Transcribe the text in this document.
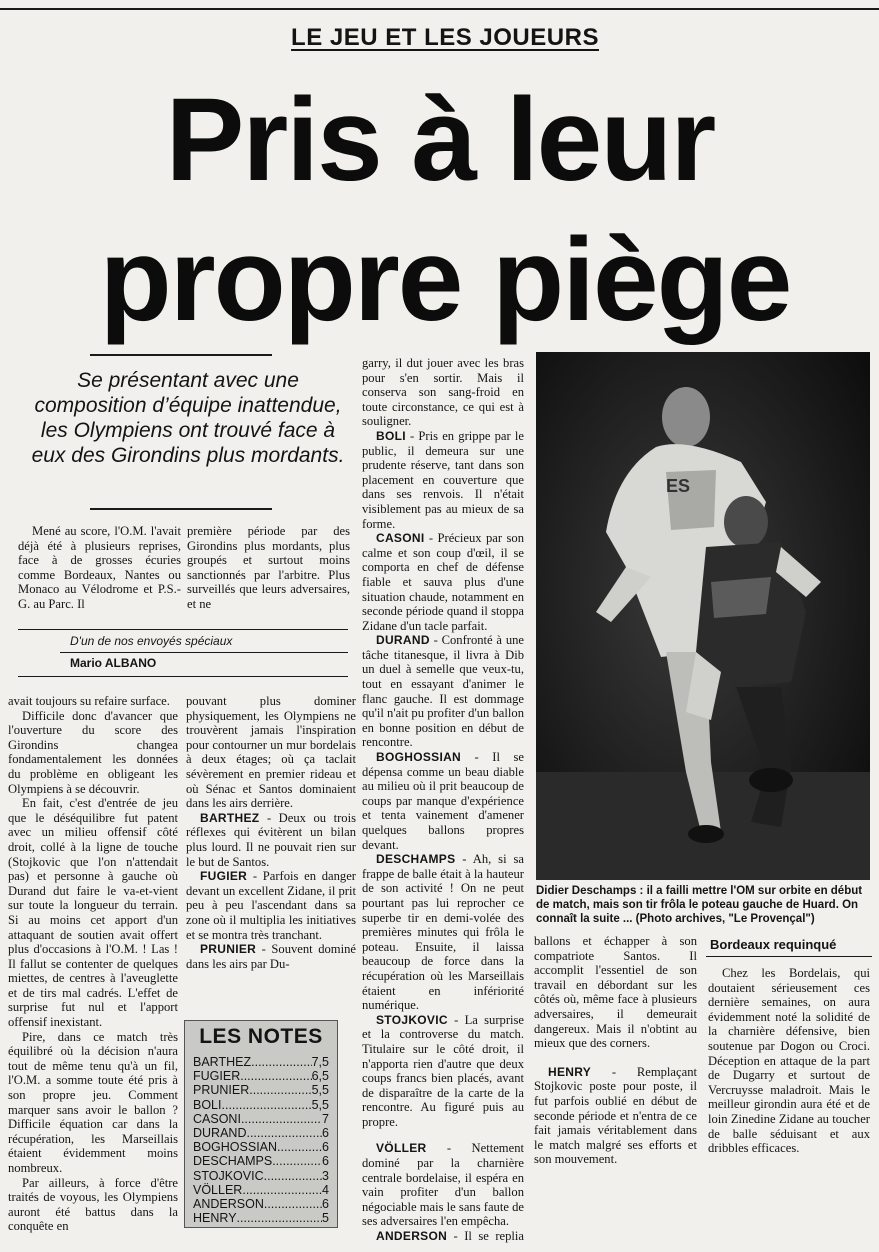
LE JEU ET LES JOUEURS
Pris à leur
propre piège
Se présentant avec une composition d’équipe inattendue, les Olympiens ont trouvé face à eux des Girondins plus mordants.

Mené au score, l'O.M. l'avait déjà été à plusieurs reprises, face à de grosses écuries comme Bordeaux, Nantes ou Monaco au Vélodrome et P.S.-G. au Parc. Il

première période par des Girondins plus mordants, plus groupés et surtout moins sanctionnés par l'arbitre. Plus surveillés que leurs adversaires, et ne

D'un de nos envoyés spéciaux
Mario ALBANO

avait toujours su refaire surface.

Difficile donc d'avancer que l'ouverture du score des Girondins changea fondamentalement les données du problème en obligeant les Olympiens à se découvrir.

En fait, c'est d'entrée de jeu que le déséquilibre fut patent avec un milieu offensif côté droit, collé à la ligne de touche (Stojkovic que l'on n'attendait pas) et personne à gauche où Durand dut faire le va-et-vient sur toute la longueur du terrain. Si au moins cet apport d'un attaquant de soutien avait offert plus d'occasions à l'O.M. ! Las ! Il fallut se contenter de quelques miettes, de centres à l'aveuglette et de tirs mal cadrés. L'effet de surprise fut nul et l'apport offensif inexistant.

Pire, dans ce match très équilibré où la décision n'aura tout de même tenu qu'à un fil, l'O.M. a somme toute été pris à son propre jeu. Comment marquer sans avoir le ballon ? Difficile équation car dans la récupération, les Marseillais étaient évidemment moins nombreux.

Par ailleurs, à force d'être traités de voyous, les Olympiens auront été battus dans la conquête en

pouvant plus dominer physiquement, les Olympiens ne trouvèrent jamais l'inspiration pour contourner un mur bordelais à deux étages; où ça taclait sévèrement en premier rideau et où Sénac et Santos dominaient dans les airs derrière.

BARTHEZ - Deux ou trois réflexes qui évitèrent un bilan plus lourd. Il ne pouvait rien sur le but de Santos.

FUGIER - Parfois en danger devant un excellent Zidane, il prit peu à peu l'ascendant dans sa zone où il multiplia les initiatives et se montra très tranchant.

PRUNIER - Souvent dominé dans les airs par Du-

LES NOTES
BARTHEZ .....	7,5
FUGIER .....	6,5
PRUNIER .....	5,5
BOLI .....	5,5
CASONI .....	7
DURAND .....	6
BOGHOSSIAN .....	6
DESCHAMPS .....	6
STOJKOVIC .....	3
VÖLLER .....	4
ANDERSON .....	6
HENRY .....	5

garry, il dut jouer avec les bras pour s'en sortir. Mais il conserva son sang-froid en toute circonstance, ce qui est à souligner.

BOLI - Pris en grippe par le public, il demeura sur une prudente réserve, tant dans son placement en couverture que dans ses renvois. Il n'était visiblement pas au mieux de sa forme.

CASONI - Précieux par son calme et son coup d'œil, il se comporta en chef de défense fiable et sauva plus d'une situation chaude, notamment en seconde période quand il stoppa Zidane d'un tacle parfait.

DURAND - Confronté à une tâche titanesque, il livra à Dib un duel à semelle que veux-tu, tout en essayant d'animer le flanc gauche. Il est dommage qu'il n'ait pu profiter d'un ballon en bonne position en début de rencontre.

BOGHOSSIAN - Il se dépensa comme un beau diable au milieu où il prit beaucoup de coups par manque d'expérience et tenta vainement d'amener quelques ballons propres devant.

DESCHAMPS - Ah, si sa frappe de balle était à la hauteur de son activité ! On ne peut pourtant pas lui reprocher ce superbe tir en demi-volée des premières minutes qui frôla le poteau. Ensuite, il laissa beaucoup de force dans la récupération où les Marseillais étaient en infériorité numérique.

STOJKOVIC - La surprise et la controverse du match. Titulaire sur le côté droit, il n'apporta rien d'autre que deux coups francs bien placés, avant de disparaître de la carte de la rencontre. Au figuré puis au propre.

VÖLLER - Nettement dominé par la charnière centrale bordelaise, il espéra en vain profiter d'un ballon négociable mais le sans faute de ses adversaires l'en empêcha.

ANDERSON - Il se replia

ES
Didier Deschamps : il a failli mettre l'OM sur orbite en début de match, mais son tir frôla le poteau gauche de Huard. On connaît la suite ... (Photo archives, "Le Provençal")

ballons et échapper à son compatriote Santos. Il accomplit l'essentiel de son travail en débordant sur les côtés où, même face à plusieurs adversaires, il demeurait dangereux. Mais il n'obtint au mieux que des corners.

HENRY - Remplaçant Stojkovic poste pour poste, il fut parfois oublié en début de seconde période et n'entra de ce fait jamais véritablement dans le match malgré ses efforts et son mouvement.

Bordeaux requinqué

Chez les Bordelais, qui doutaient sérieusement ces dernière semaines, on aura évidemment noté la solidité de la charnière défensive, bien soutenue par Dogon ou Croci. Déception en attaque de la part de Dugarry et surtout de Vercruysse maladroit. Mais le meilleur girondin aura été et de loin Zinedine Zidane au toucher de balle séduisant et aux dribbles efficaces.
